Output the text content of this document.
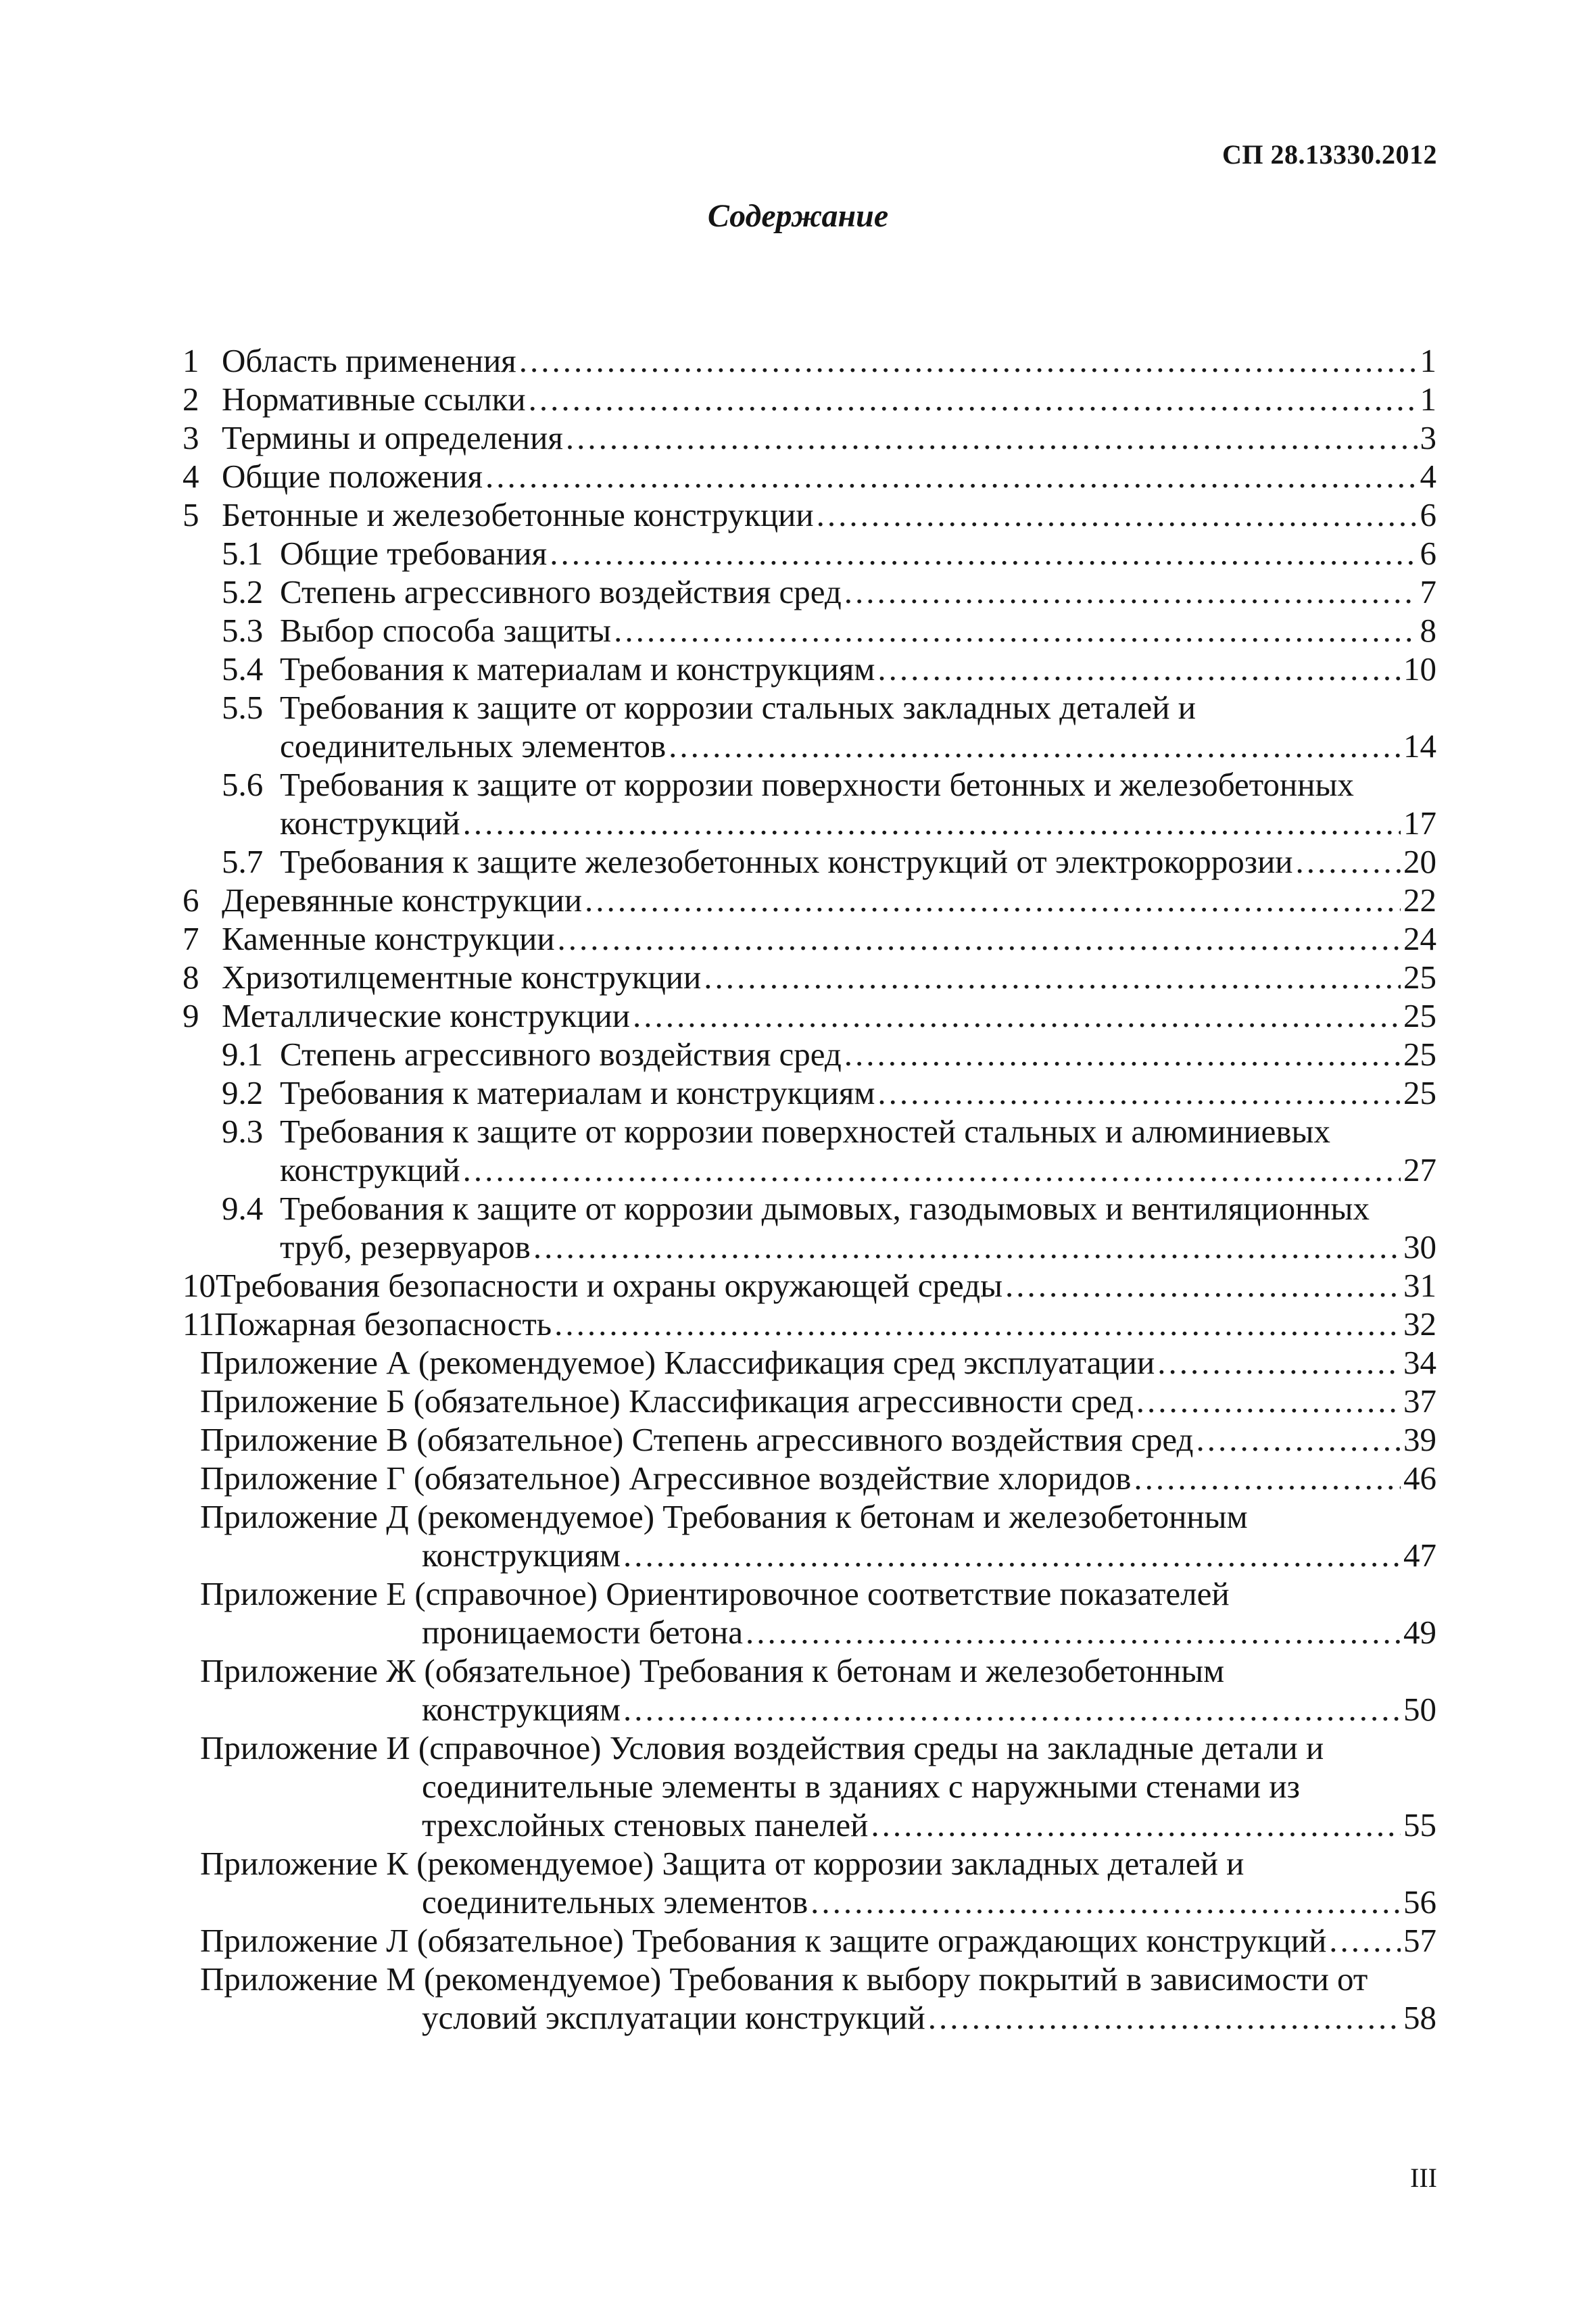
СП 28.13330.2012
Содержание
1 Область применения .....	1
2 Нормативные ссылки .....	1
3 Термины и определения .....	3
4 Общие положения .....	4
5 Бетонные и железобетонные конструкции .....	6
5.1 Общие требования .....	6
5.2 Степень агрессивного воздействия сред .....	7
5.3 Выбор способа защиты .....	8
5.4 Требования к материалам и конструкциям .....	10
5.5 Требования к защите от коррозии стальных закладных деталей и
соединительных элементов .....	14
5.6 Требования к защите от коррозии поверхности бетонных и железобетонных
конструкций .....	17
5.7 Требования к защите железобетонных конструкций от электрокоррозии .....	20
6 Деревянные конструкции .....	22
7 Каменные конструкции .....	24
8 Хризотилцементные конструкции .....	25
9 Металлические конструкции .....	25
9.1 Степень агрессивного воздействия сред .....	25
9.2 Требования к материалам и конструкциям .....	25
9.3 Требования к защите от коррозии поверхностей стальных и алюминиевых
конструкций .....	27
9.4 Требования к защите от коррозии дымовых, газодымовых и вентиляционных
труб, резервуаров .....	30
10 Требования безопасности и охраны окружающей среды .....	31
11 Пожарная безопасность .....	32
Приложение А (рекомендуемое) Классификация сред эксплуатации .....	34
Приложение Б (обязательное) Классификация агрессивности сред .....	37
Приложение В (обязательное) Степень агрессивного воздействия сред .....	39
Приложение Г (обязательное) Агрессивное воздействие хлоридов .....	46
Приложение Д (рекомендуемое) Требования к бетонам и железобетонным
конструкциям .....	47
Приложение Е (справочное) Ориентировочное соответствие показателей
проницаемости бетона .....	49
Приложение Ж (обязательное) Требования к бетонам и железобетонным
конструкциям .....	50
Приложение И (справочное) Условия воздействия среды на закладные детали и
соединительные элементы в зданиях с наружными стенами из
трехслойных стеновых панелей .....	55
Приложение К (рекомендуемое) Защита от коррозии закладных деталей и
соединительных элементов .....	56
Приложение Л (обязательное) Требования к защите ограждающих конструкций ..... 57
Приложение М (рекомендуемое) Требования к выбору покрытий в зависимости от
условий эксплуатации конструкций .....	58
III
